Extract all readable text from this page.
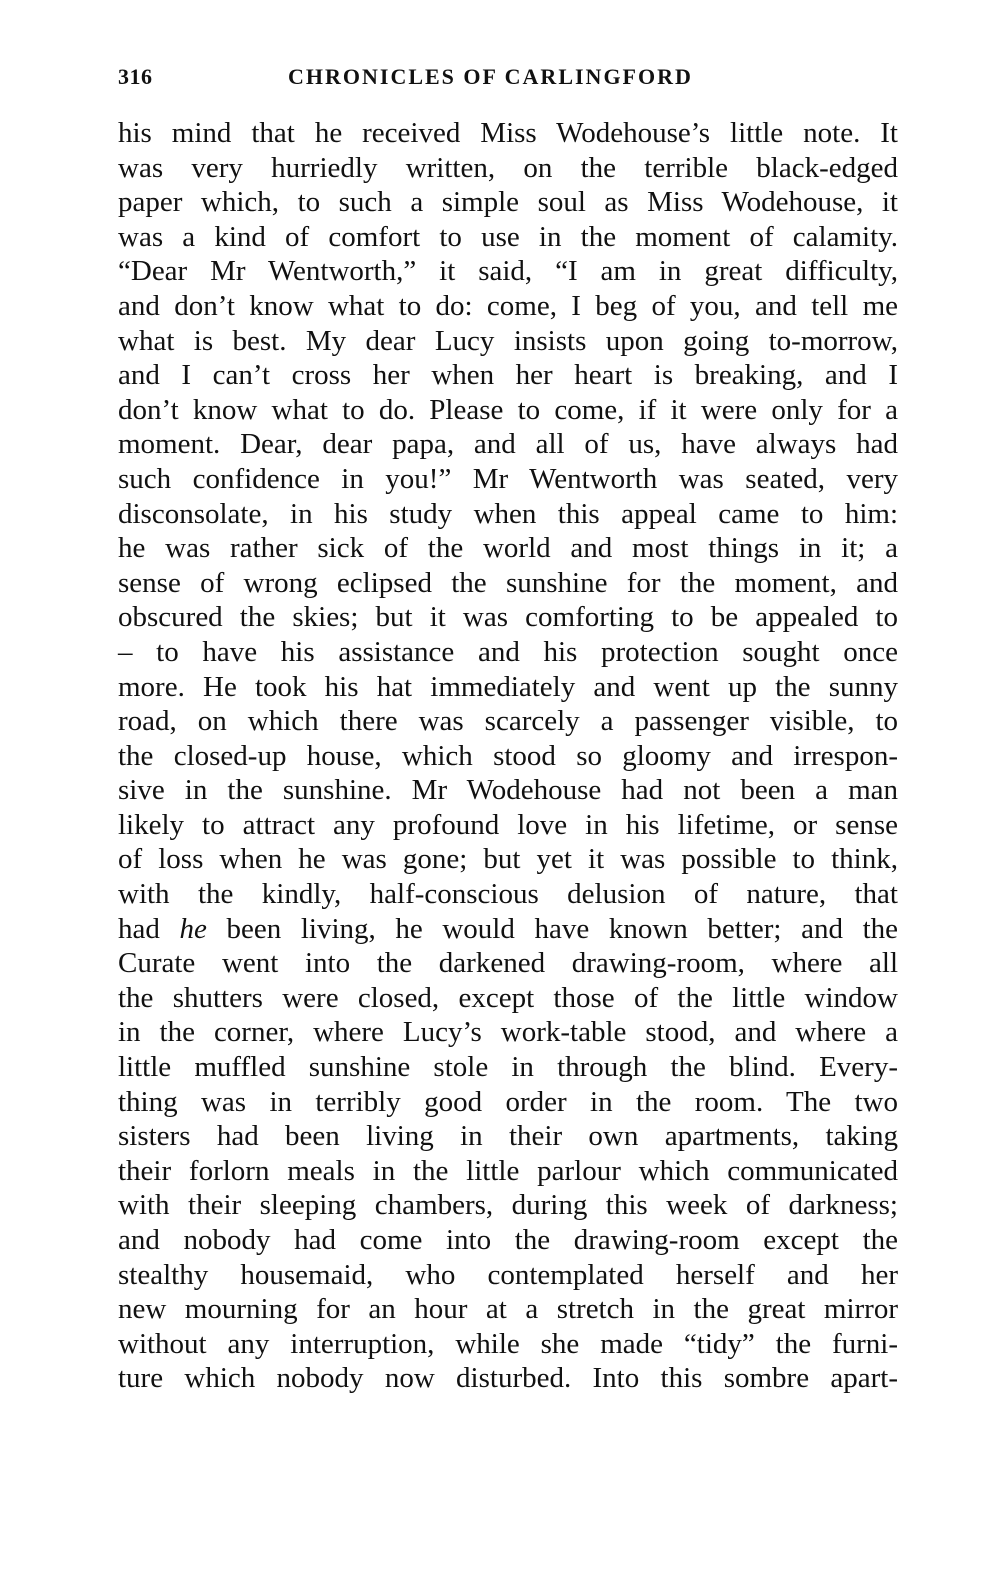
316	CHRONICLES OF CARLINGFORD
his mind that he received Miss Wodehouse’s little note. It
was very hurriedly written, on the terrible black-edged
paper which, to such a simple soul as Miss Wodehouse, it
was a kind of comfort to use in the moment of calamity.
“Dear Mr Wentworth,” it said, “I am in great difficulty,
and don’t know what to do: come, I beg of you, and tell me
what is best. My dear Lucy insists upon going to-morrow,
and I can’t cross her when her heart is breaking, and I
don’t know what to do. Please to come, if it were only for a
moment. Dear, dear papa, and all of us, have always had
such confidence in you!” Mr Wentworth was seated, very
disconsolate, in his study when this appeal came to him:
he was rather sick of the world and most things in it; a
sense of wrong eclipsed the sunshine for the moment, and
obscured the skies; but it was comforting to be appealed to
– to have his assistance and his protection sought once
more. He took his hat immediately and went up the sunny
road, on which there was scarcely a passenger visible, to
the closed-up house, which stood so gloomy and irrespon-
sive in the sunshine. Mr Wodehouse had not been a man
likely to attract any profound love in his lifetime, or sense
of loss when he was gone; but yet it was possible to think,
with the kindly, half-conscious delusion of nature, that
had he been living, he would have known better; and the
Curate went into the darkened drawing-room, where all
the shutters were closed, except those of the little window
in the corner, where Lucy’s work-table stood, and where a
little muffled sunshine stole in through the blind. Every-
thing was in terribly good order in the room. The two
sisters had been living in their own apartments, taking
their forlorn meals in the little parlour which communicated
with their sleeping chambers, during this week of darkness;
and nobody had come into the drawing-room except the
stealthy housemaid, who contemplated herself and her
new mourning for an hour at a stretch in the great mirror
without any interruption, while she made “tidy” the furni-
ture which nobody now disturbed. Into this sombre apart-
